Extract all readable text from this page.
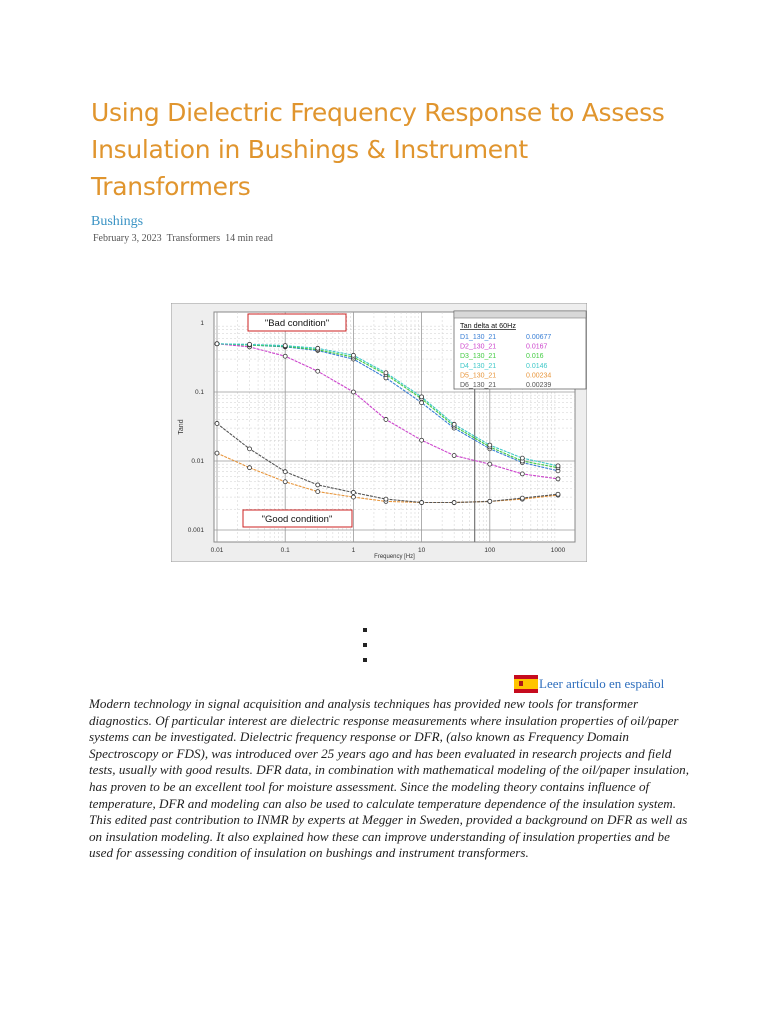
Using Dielectric Frequency Response to Assess Insulation in Bushings & Instrument Transformers
Bushings
February 3, 2023 Transformers 14 min read
0.01	0.1	1	10	100	1000
1
0.1
0.01
0.001
Frequency [Hz]
Tand
"Bad condition"
"Good condition"
Tan delta at 60Hz
D1_130_21	0.00677
D2_130_21	0.0167
D3_130_21	0.016
D4_130_21	0.0146
D5_130_21	0.00234
D6_130_21	0.00239
Leer artículo en español

Modern technology in signal acquisition and analysis techniques has provided new tools for transformer diagnostics. Of particular interest are dielectric response measurements where insulation properties of oil/paper systems can be investigated. Dielectric frequency response or DFR, (also known as Frequency Domain Spectroscopy or FDS), was introduced over 25 years ago and has been evaluated in research projects and field tests, usually with good results. DFR data, in combination with mathematical modeling of the oil/paper insulation, has proven to be an excellent tool for moisture assessment. Since the modeling theory contains influence of temperature, DFR and modeling can also be used to calculate temperature dependence of the insulation system.

This edited past contribution to INMR by experts at Megger in Sweden, provided a background on DFR as well as on insulation modeling. It also explained how these can improve understanding of insulation properties and be used for assessing condition of insulation on bushings and instrument transformers.
